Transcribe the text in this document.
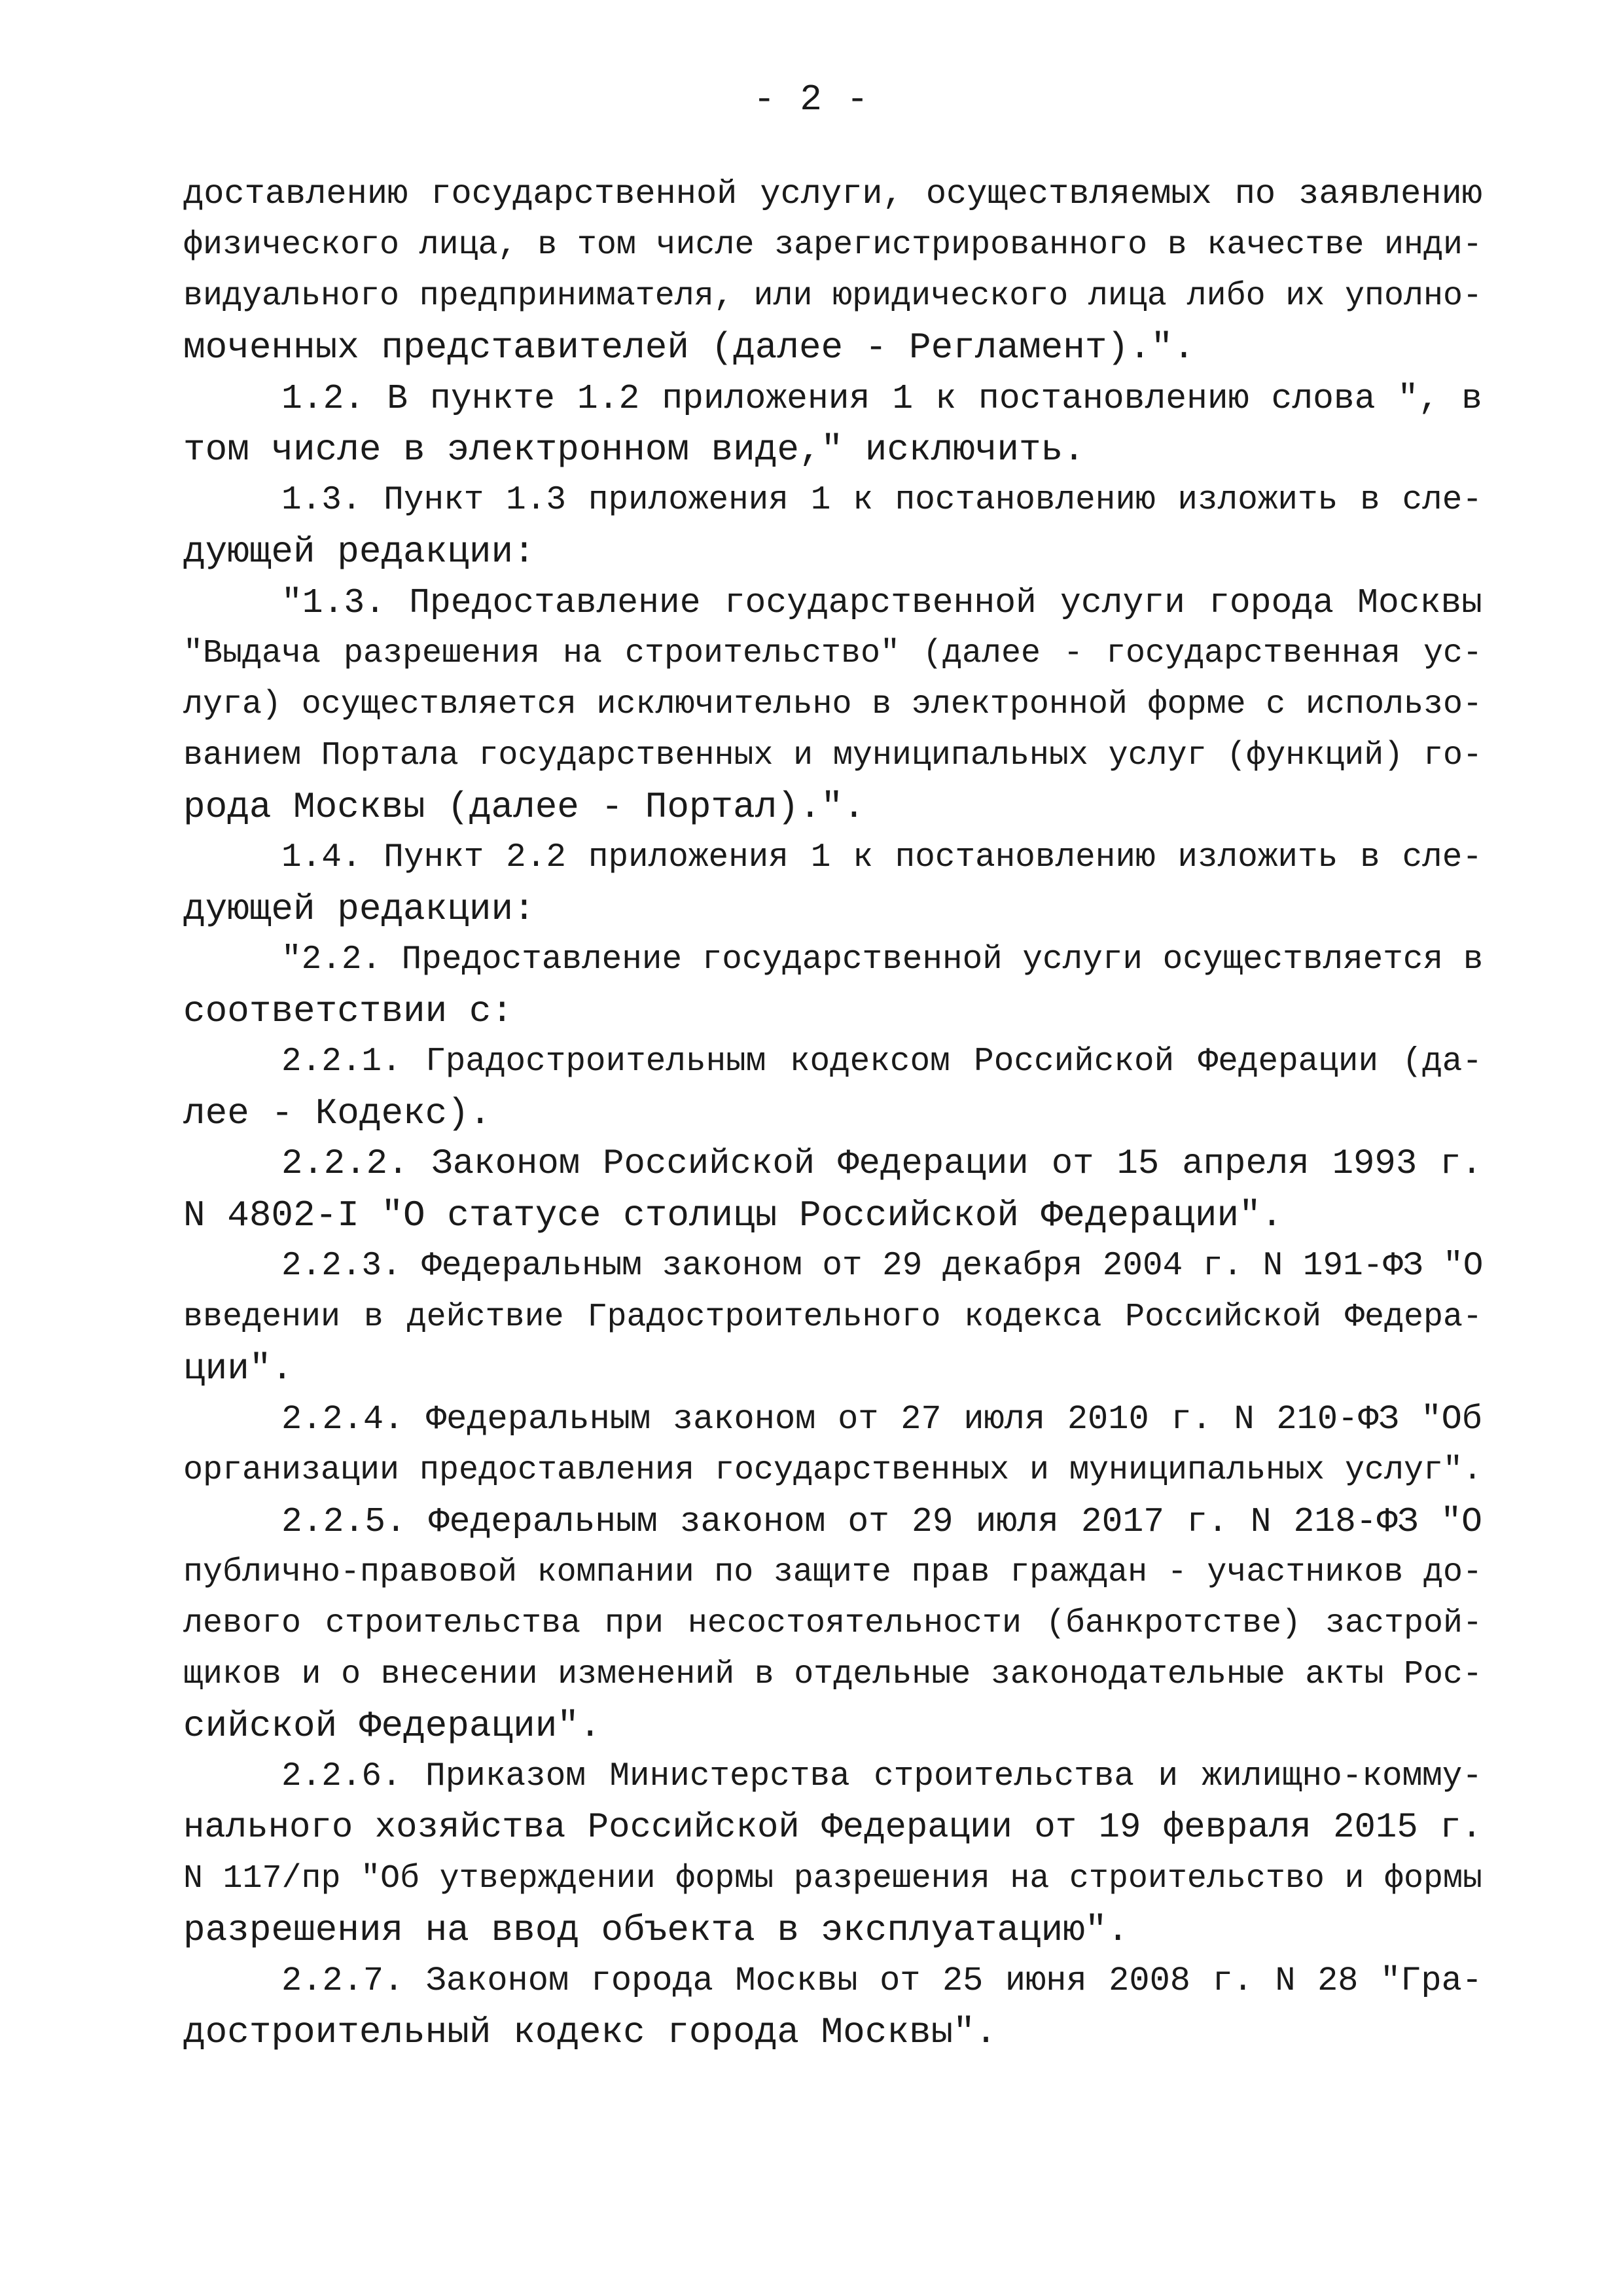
- 2 -
доставлению государственной услуги, осуществляемых по заявлению
физического лица, в том числе зарегистрированного в качестве инди-
видуального предпринимателя, или юридического лица либо их уполно-
моченных представителей (далее - Регламент).".
1.2. В пункте 1.2 приложения 1 к постановлению слова ", в
том числе в электронном виде," исключить.
1.3. Пункт 1.3 приложения 1 к постановлению изложить в сле-
дующей редакции:
"1.3. Предоставление государственной услуги города Москвы
"Выдача разрешения на строительство" (далее - государственная ус-
луга) осуществляется исключительно в электронной форме с использо-
ванием Портала государственных и муниципальных услуг (функций) го-
рода Москвы (далее - Портал).".
1.4. Пункт 2.2 приложения 1 к постановлению изложить в сле-
дующей редакции:
"2.2. Предоставление государственной услуги осуществляется в
соответствии с:
2.2.1. Градостроительным кодексом Российской Федерации (да-
лее - Кодекс).
2.2.2. Законом Российской Федерации от 15 апреля 1993 г.
N 4802-I "О статусе столицы Российской Федерации".
2.2.3. Федеральным законом от 29 декабря 2004 г. N 191-ФЗ "О
введении в действие Градостроительного кодекса Российской Федера-
ции".
2.2.4. Федеральным законом от 27 июля 2010 г. N 210-ФЗ "Об
организации предоставления государственных и муниципальных услуг".
2.2.5. Федеральным законом от 29 июля 2017 г. N 218-ФЗ "О
публично-правовой компании по защите прав граждан - участников до-
левого строительства при несостоятельности (банкротстве) застрой-
щиков и о внесении изменений в отдельные законодательные акты Рос-
сийской Федерации".
2.2.6. Приказом Министерства строительства и жилищно-комму-
нального хозяйства Российской Федерации от 19 февраля 2015 г.
N 117/пр "Об утверждении формы разрешения на строительство и формы
разрешения на ввод объекта в эксплуатацию".
2.2.7. Законом города Москвы от 25 июня 2008 г. N 28 "Гра-
достроительный кодекс города Москвы".
